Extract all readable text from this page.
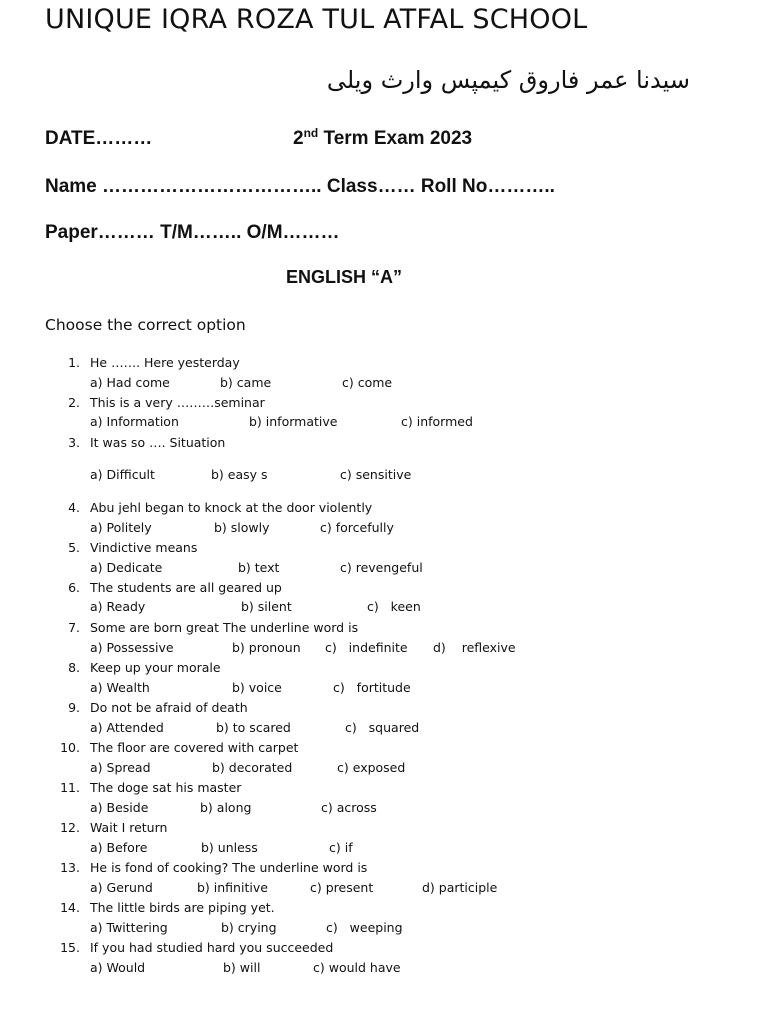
UNIQUE IQRA ROZA TUL ATFAL SCHOOL
سیدنا عمر فاروق کیمپس وارث ویلی
DATE………	2nd Term Exam 2023
Name …………………………….. Class…… Roll No………..
Paper……… T/M…….. O/M………
ENGLISH “A”
Choose the correct option
1. He ……. Here yesterday
a) Had come	b) came	c) come
2. This is a very ………seminar
a) Information	b) informative	c) informed
3. It was so …. Situation
a) Difficult	b) easy s	c) sensitive
4. Abu jehl began to knock at the door violently
a) Politely	b) slowly	c) forcefully
5. Vindictive means
a) Dedicate	b) text	c) revengeful
6. The students are all geared up
a) Ready	b) silent	c)   keen
7. Some are born great The underline word is
a) Possessive	b) pronoun c)   indefinite d)    reflexive
8. Keep up your morale
a) Wealth	b) voice	c)   fortitude
9. Do not be afraid of death
a) Attended	b) to scared	c)   squared
10. The floor are covered with carpet
a) Spread	b) decorated	c) exposed
11. The doge sat his master
a) Beside	b) along	c) across
12. Wait I return
a) Before	b) unless	c) if
13. He is fond of cooking? The underline word is
a) Gerund	b) infinitive	c) present	d) participle
14. The little birds are piping yet.
a) Twittering	b) crying	c)   weeping
15. If you had studied hard you succeeded
a) Would	b) will	c) would have
